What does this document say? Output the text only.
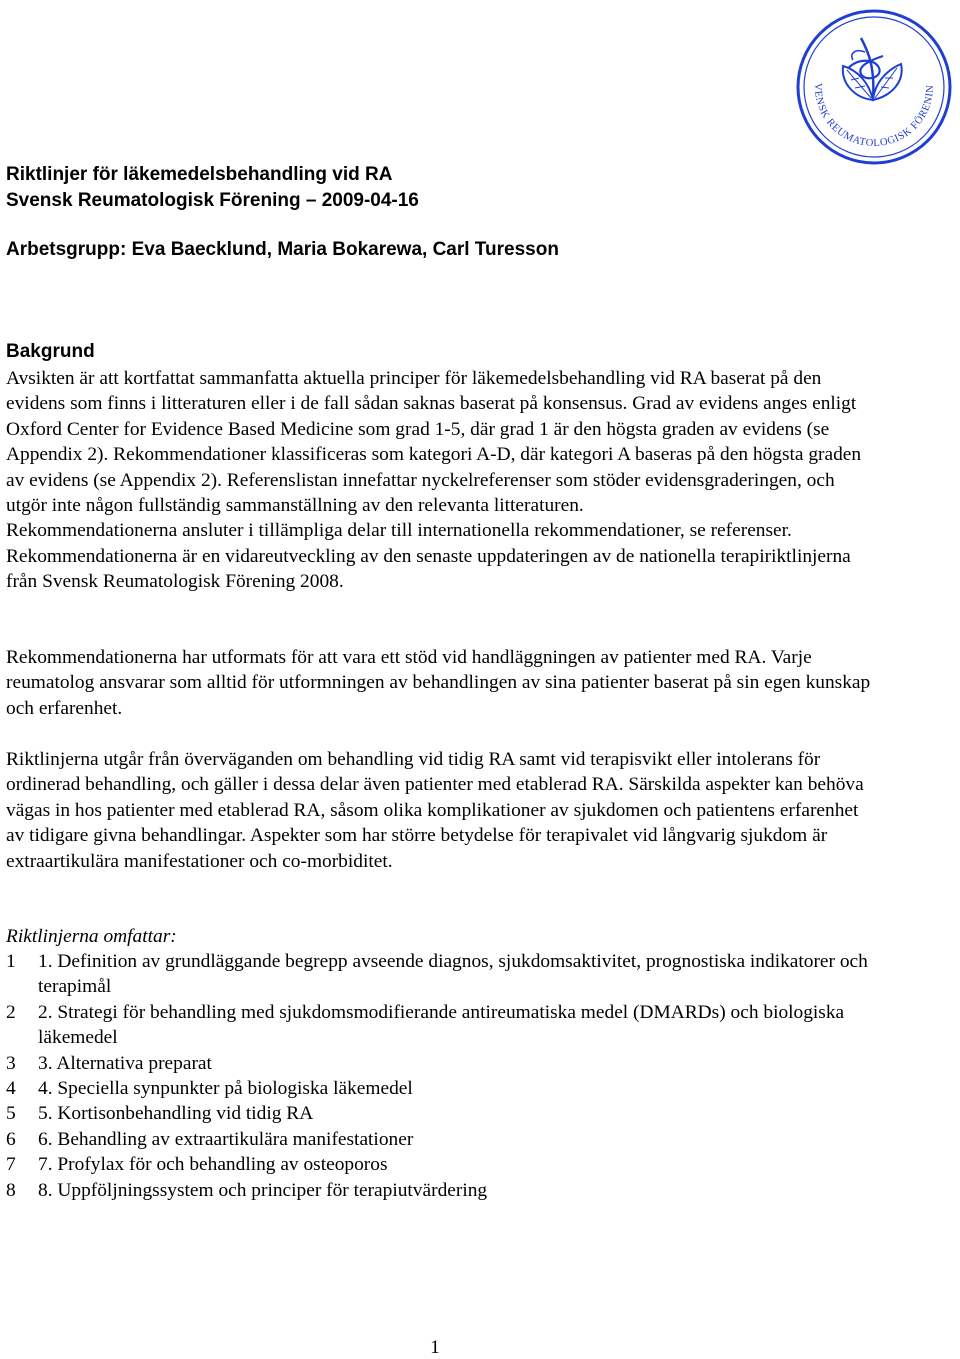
VENSK REUMATOLOGISK FÖRENIN

Riktlinjer för läkemedelsbehandling vid RA

Svensk Reumatologisk Förening – 2009-04-16

Arbetsgrupp: Eva Baecklund, Maria Bokarewa, Carl Turesson

Bakgrund

Avsikten är att kortfattat sammanfatta aktuella principer för läkemedelsbehandling vid RA baserat på den evidens som finns i litteraturen eller i de fall sådan saknas baserat på konsensus. Grad av evidens anges enligt Oxford Center for Evidence Based Medicine som grad 1-5, där grad 1 är den högsta graden av evidens (se Appendix 2). Rekommendationer klassificeras som kategori A-D, där kategori A baseras på den högsta graden av evidens (se Appendix 2). Referenslistan innefattar nyckelreferenser som stöder evidensgraderingen, och utgör inte någon fullständig sammanställning av den relevanta litteraturen.

Rekommendationerna ansluter i tillämpliga delar till internationella rekommendationer, se referenser. Rekommendationerna är en vidareutveckling av den senaste uppdateringen av de nationella terapiriktlinjerna från Svensk Reumatologisk Förening 2008.

Rekommendationerna har utformats för att vara ett stöd vid handläggningen av patienter med RA. Varje reumatolog ansvarar som alltid för utformningen av behandlingen av sina patienter baserat på sin egen kunskap och erfarenhet.

Riktlinjerna utgår från överväganden om behandling vid tidig RA samt vid terapisvikt eller intolerans för ordinerad behandling, och gäller i dessa delar även patienter med etablerad RA. Särskilda aspekter kan behöva vägas in hos patienter med etablerad RA, såsom olika komplikationer av sjukdomen och patientens erfarenhet av tidigare givna behandlingar. Aspekter som har större betydelse för terapivalet vid långvarig sjukdom är extraartikulära manifestationer och co-morbiditet.

Riktlinjerna omfattar:

1 1. Definition av grundläggande begrepp avseende diagnos, sjukdomsaktivitet, prognostiska indikatorer och terapimål
2 2. Strategi för behandling med sjukdomsmodifierande antireumatiska medel (DMARDs) och biologiska läkemedel
3 3. Alternativa preparat
4 4. Speciella synpunkter på biologiska läkemedel
5 5. Kortisonbehandling vid tidig RA
6 6. Behandling av extraartikulära manifestationer
7 7. Profylax för och behandling av osteoporos
8 8. Uppföljningssystem och principer för terapiutvärdering
1
